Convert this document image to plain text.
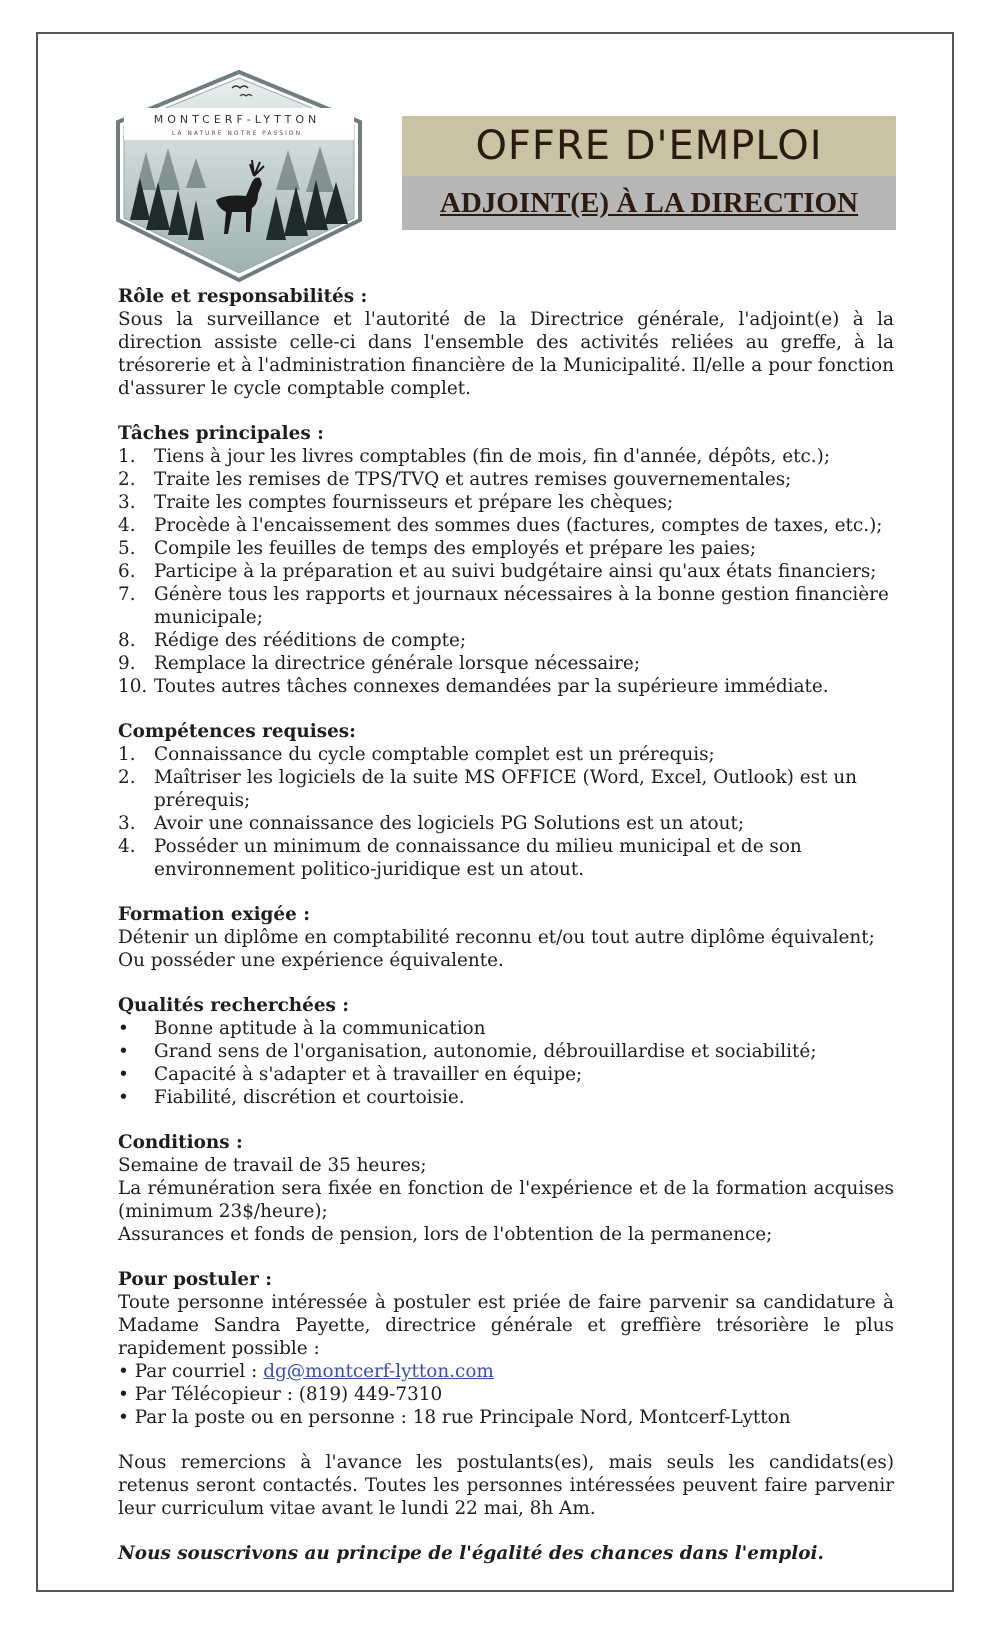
MONTCERF-LYTTON
LA NATURE NOTRE PASSION	OFFRE D'EMPLOI
ADJOINT(E) À LA DIRECTION

Rôle et responsabilités :

Sous la surveillance et l'autorité de la Directrice générale, l'adjoint(e) à la direction assiste celle-ci dans l'ensemble des activités reliées au greffe, à la trésorerie et à l'administration financière de la Municipalité. Il/elle a pour fonction d'assurer le cycle comptable complet.

Tâches principales :

1.	Tiens à jour les livres comptables (fin de mois, fin d'année, dépôts, etc.);
2.	Traite les remises de TPS/TVQ et autres remises gouvernementales;
3.	Traite les comptes fournisseurs et prépare les chèques;
4.	Procède à l'encaissement des sommes dues (factures, comptes de taxes, etc.);
5.	Compile les feuilles de temps des employés et prépare les paies;
6.	Participe à la préparation et au suivi budgétaire ainsi qu'aux états financiers;
7.	Génère tous les rapports et journaux nécessaires à la bonne gestion financière municipale;
8.	Rédige des rééditions de compte;
9.	Remplace la directrice générale lorsque nécessaire;
10. Toutes autres tâches connexes demandées par la supérieure immédiate.

Compétences requises:

1.	Connaissance du cycle comptable complet est un prérequis;
2.	Maîtriser les logiciels de la suite MS OFFICE (Word, Excel, Outlook) est un prérequis;
3.	Avoir une connaissance des logiciels PG Solutions est un atout;
4.	Posséder un minimum de connaissance du milieu municipal et de son environnement politico-juridique est un atout.

Formation exigée :

Détenir un diplôme en comptabilité reconnu et/ou tout autre diplôme équivalent;
Ou posséder une expérience équivalente.

Qualités recherchées :

• Bonne aptitude à la communication
• Grand sens de l'organisation, autonomie, débrouillardise et sociabilité;
• Capacité à s'adapter et à travailler en équipe;
• Fiabilité, discrétion et courtoisie.

Conditions :

Semaine de travail de 35 heures;
La rémunération sera fixée en fonction de l'expérience et de la formation acquises (minimum 23$/heure);
Assurances et fonds de pension, lors de l'obtention de la permanence;

Pour postuler :

Toute personne intéressée à postuler est priée de faire parvenir sa candidature à Madame Sandra Payette, directrice générale et greffière trésorière le plus rapidement possible :

• Par courriel : dg@montcerf-lytton.com
• Par Télécopieur : (819) 449-7310
• Par la poste ou en personne : 18 rue Principale Nord, Montcerf-Lytton

Nous remercions à l'avance les postulants(es), mais seuls les candidats(es) retenus seront contactés. Toutes les personnes intéressées peuvent faire parvenir leur curriculum vitae avant le lundi 22 mai, 8h Am.

Nous souscrivons au principe de l'égalité des chances dans l'emploi.
